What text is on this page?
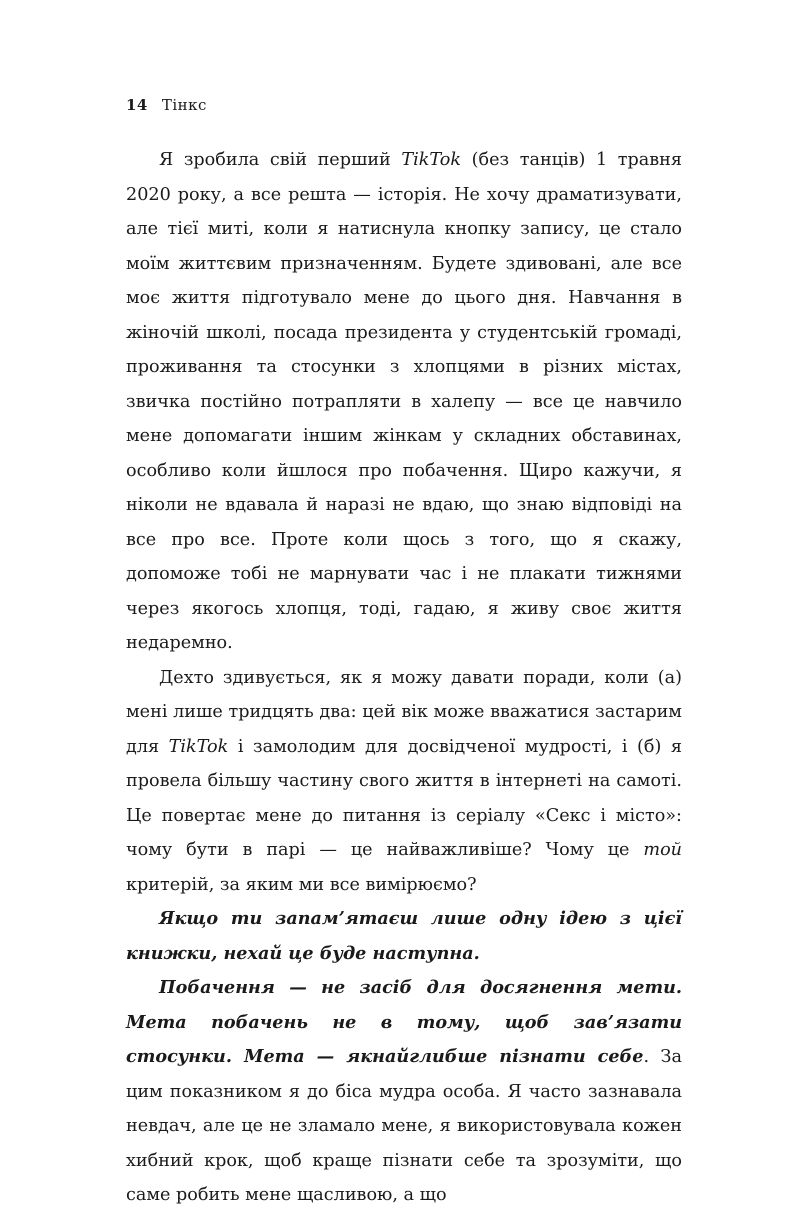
14 Тінкс

Я зробила свій перший TikTok (без танців) 1 травня 2020 року, а все решта — історія. Не хочу драматизувати, але тієї миті, коли я натиснула кнопку запису, це стало моїм життєвим призначенням. Будете здивовані, але все моє життя підготувало мене до цього дня. Навчання в жіночій школі, посада президента у студентській громаді, проживання та стосунки з хлопцями в різних містах, звичка постійно потрапляти в халепу — все це навчило мене допомагати іншим жінкам у складних обставинах, особливо коли йшлося про побачення. Щиро кажучи, я ніколи не вдавала й наразі не вдаю, що знаю відповіді на все про все. Проте коли щось з того, що я скажу, допоможе тобі не марнувати час і не плакати тижнями через якогось хлопця, тоді, гадаю, я живу своє життя недаремно.

Дехто здивується, як я можу давати поради, коли (а) мені лише тридцять два: цей вік може вважатися застарим для TikTok і замолодим для досвідченої мудрості, і (б) я провела більшу частину свого життя в інтернеті на самоті. Це повертає мене до питання із серіалу «Секс і місто»: чому бути в парі — це найважливіше? Чому це той критерій, за яким ми все вимірюємо?

Якщо ти запам’ятаєш лише одну ідею з цієї книжки, нехай це буде наступна.

Побачення — не засіб для досягнення мети. Мета побачень не в тому, щоб зав’язати стосунки. Мета — якнайглибше пізнати себе. За цим показником я до біса мудра особа. Я часто зазнавала невдач, але це не зламало мене, я використовувала кожен хибний крок, щоб краще пізнати себе та зрозуміти, що саме робить мене щасливою, а що
